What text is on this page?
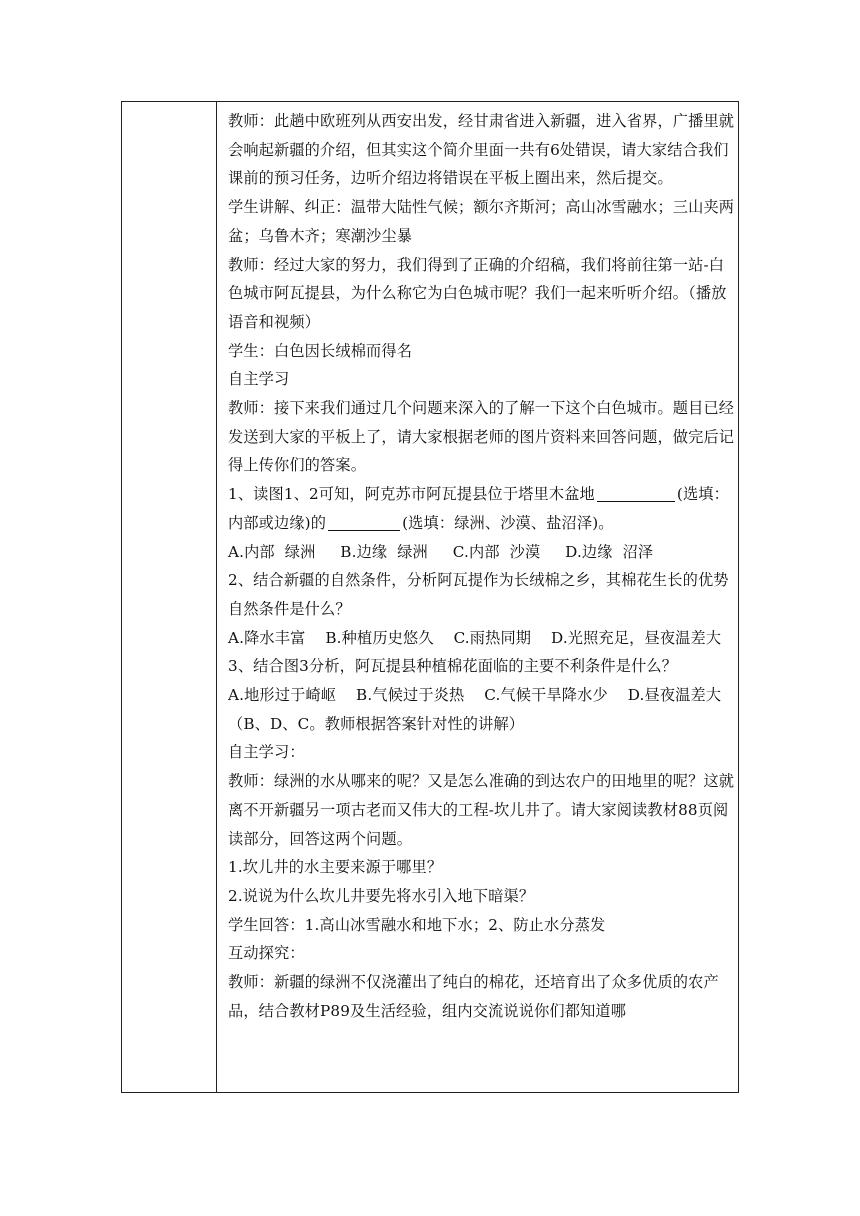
教师：此趟中欧班列从西安出发，经甘肃省进入新疆，进入省界，广播里就会响起新疆的介绍，但其实这个简介里面一共有6处错误，请大家结合我们课前的预习任务，边听介绍边将错误在平板上圈出来，然后提交。

学生讲解、纠正：温带大陆性气候；额尔齐斯河；高山冰雪融水；三山夹两盆；乌鲁木齐；寒潮沙尘暴

教师：经过大家的努力，我们得到了正确的介绍稿，我们将前往第一站-白色城市阿瓦提县，为什么称它为白色城市呢？我们一起来听听介绍。（播放语音和视频）

学生：白色因长绒棉而得名

自主学习

教师：接下来我们通过几个问题来深入的了解一下这个白色城市。题目已经发送到大家的平板上了，请大家根据老师的图片资料来回答问题，做完后记得上传你们的答案。

1、读图1、2可知，阿克苏市阿瓦提县位于塔里木盆地	(选填：内部或边缘)的	(选填：绿洲、沙漠、盐沼泽)。

A.内部  绿洲     B.边缘  绿洲     C.内部  沙漠     D.边缘  沼泽

2、结合新疆的自然条件，分析阿瓦提作为长绒棉之乡，其棉花生长的优势自然条件是什么？

A.降水丰富    B.种植历史悠久    C.雨热同期    D.光照充足，昼夜温差大

3、结合图3分析，阿瓦提县种植棉花面临的主要不利条件是什么？

A.地形过于崎岖    B.气候过于炎热    C.气候干旱降水少    D.昼夜温差大

（B、D、C。教师根据答案针对性的讲解）

自主学习：

教师：绿洲的水从哪来的呢？又是怎么准确的到达农户的田地里的呢？这就离不开新疆另一项古老而又伟大的工程-坎儿井了。请大家阅读教材88页阅读部分，回答这两个问题。

1.坎儿井的水主要来源于哪里？

2.说说为什么坎儿井要先将水引入地下暗渠？

学生回答：1.高山冰雪融水和地下水；2、防止水分蒸发

互动探究：

教师：新疆的绿洲不仅浇灌出了纯白的棉花，还培育出了众多优质的农产品，结合教材P89及生活经验，组内交流说说你们都知道哪
